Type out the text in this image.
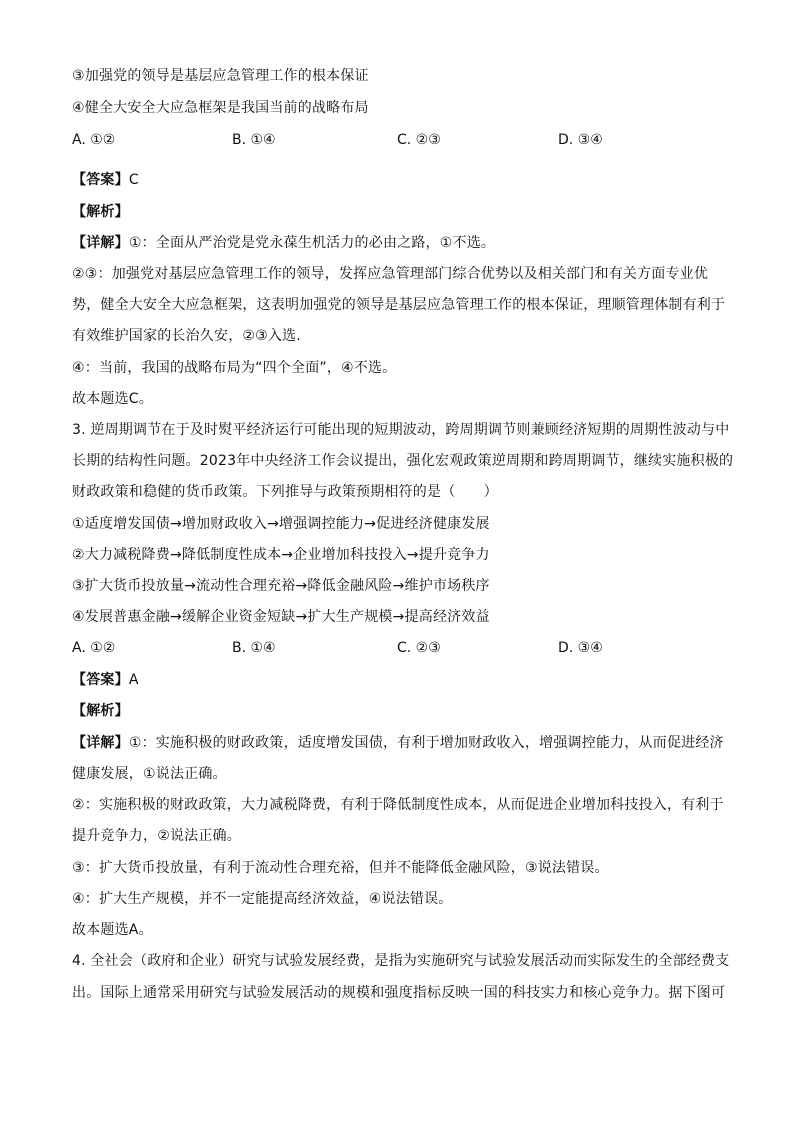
③加强党的领导是基层应急管理工作的根本保证
④健全大安全大应急框架是我国当前的战略布局
A. ①②	B. ①④	C. ②③	D. ③④
【答案】C
【解析】
【详解】①：全面从严治党是党永葆生机活力的必由之路，①不选。
②③：加强党对基层应急管理工作的领导，发挥应急管理部门综合优势以及相关部门和有关方面专业优
势，健全大安全大应急框架，这表明加强党的领导是基层应急管理工作的根本保证，理顺管理体制有利于
有效维护国家的长治久安，②③入选.
④：当前，我国的战略布局为“四个全面”，④不选。
故本题选C。
3. 逆周期调节在于及时熨平经济运行可能出现的短期波动，跨周期调节则兼顾经济短期的周期性波动与中
长期的结构性问题。2023年中央经济工作会议提出，强化宏观政策逆周期和跨周期调节，继续实施积极的
财政政策和稳健的货币政策。下列推导与政策预期相符的是（　　）
①适度增发国债→增加财政收入→增强调控能力→促进经济健康发展
②大力减税降费→降低制度性成本→企业增加科技投入→提升竞争力
③扩大货币投放量→流动性合理充裕→降低金融风险→维护市场秩序
④发展普惠金融→缓解企业资金短缺→扩大生产规模→提高经济效益
A. ①②	B. ①④	C. ②③	D. ③④
【答案】A
【解析】
【详解】①：实施积极的财政政策，适度增发国债，有利于增加财政收入，增强调控能力，从而促进经济
健康发展，①说法正确。
②：实施积极的财政政策，大力减税降费，有利于降低制度性成本，从而促进企业增加科技投入，有利于
提升竞争力，②说法正确。
③：扩大货币投放量，有利于流动性合理充裕，但并不能降低金融风险，③说法错误。
④：扩大生产规模，并不一定能提高经济效益，④说法错误。
故本题选A。
4. 全社会（政府和企业）研究与试验发展经费，是指为实施研究与试验发展活动而实际发生的全部经费支
出。国际上通常采用研究与试验发展活动的规模和强度指标反映一国的科技实力和核心竞争力。据下图可
